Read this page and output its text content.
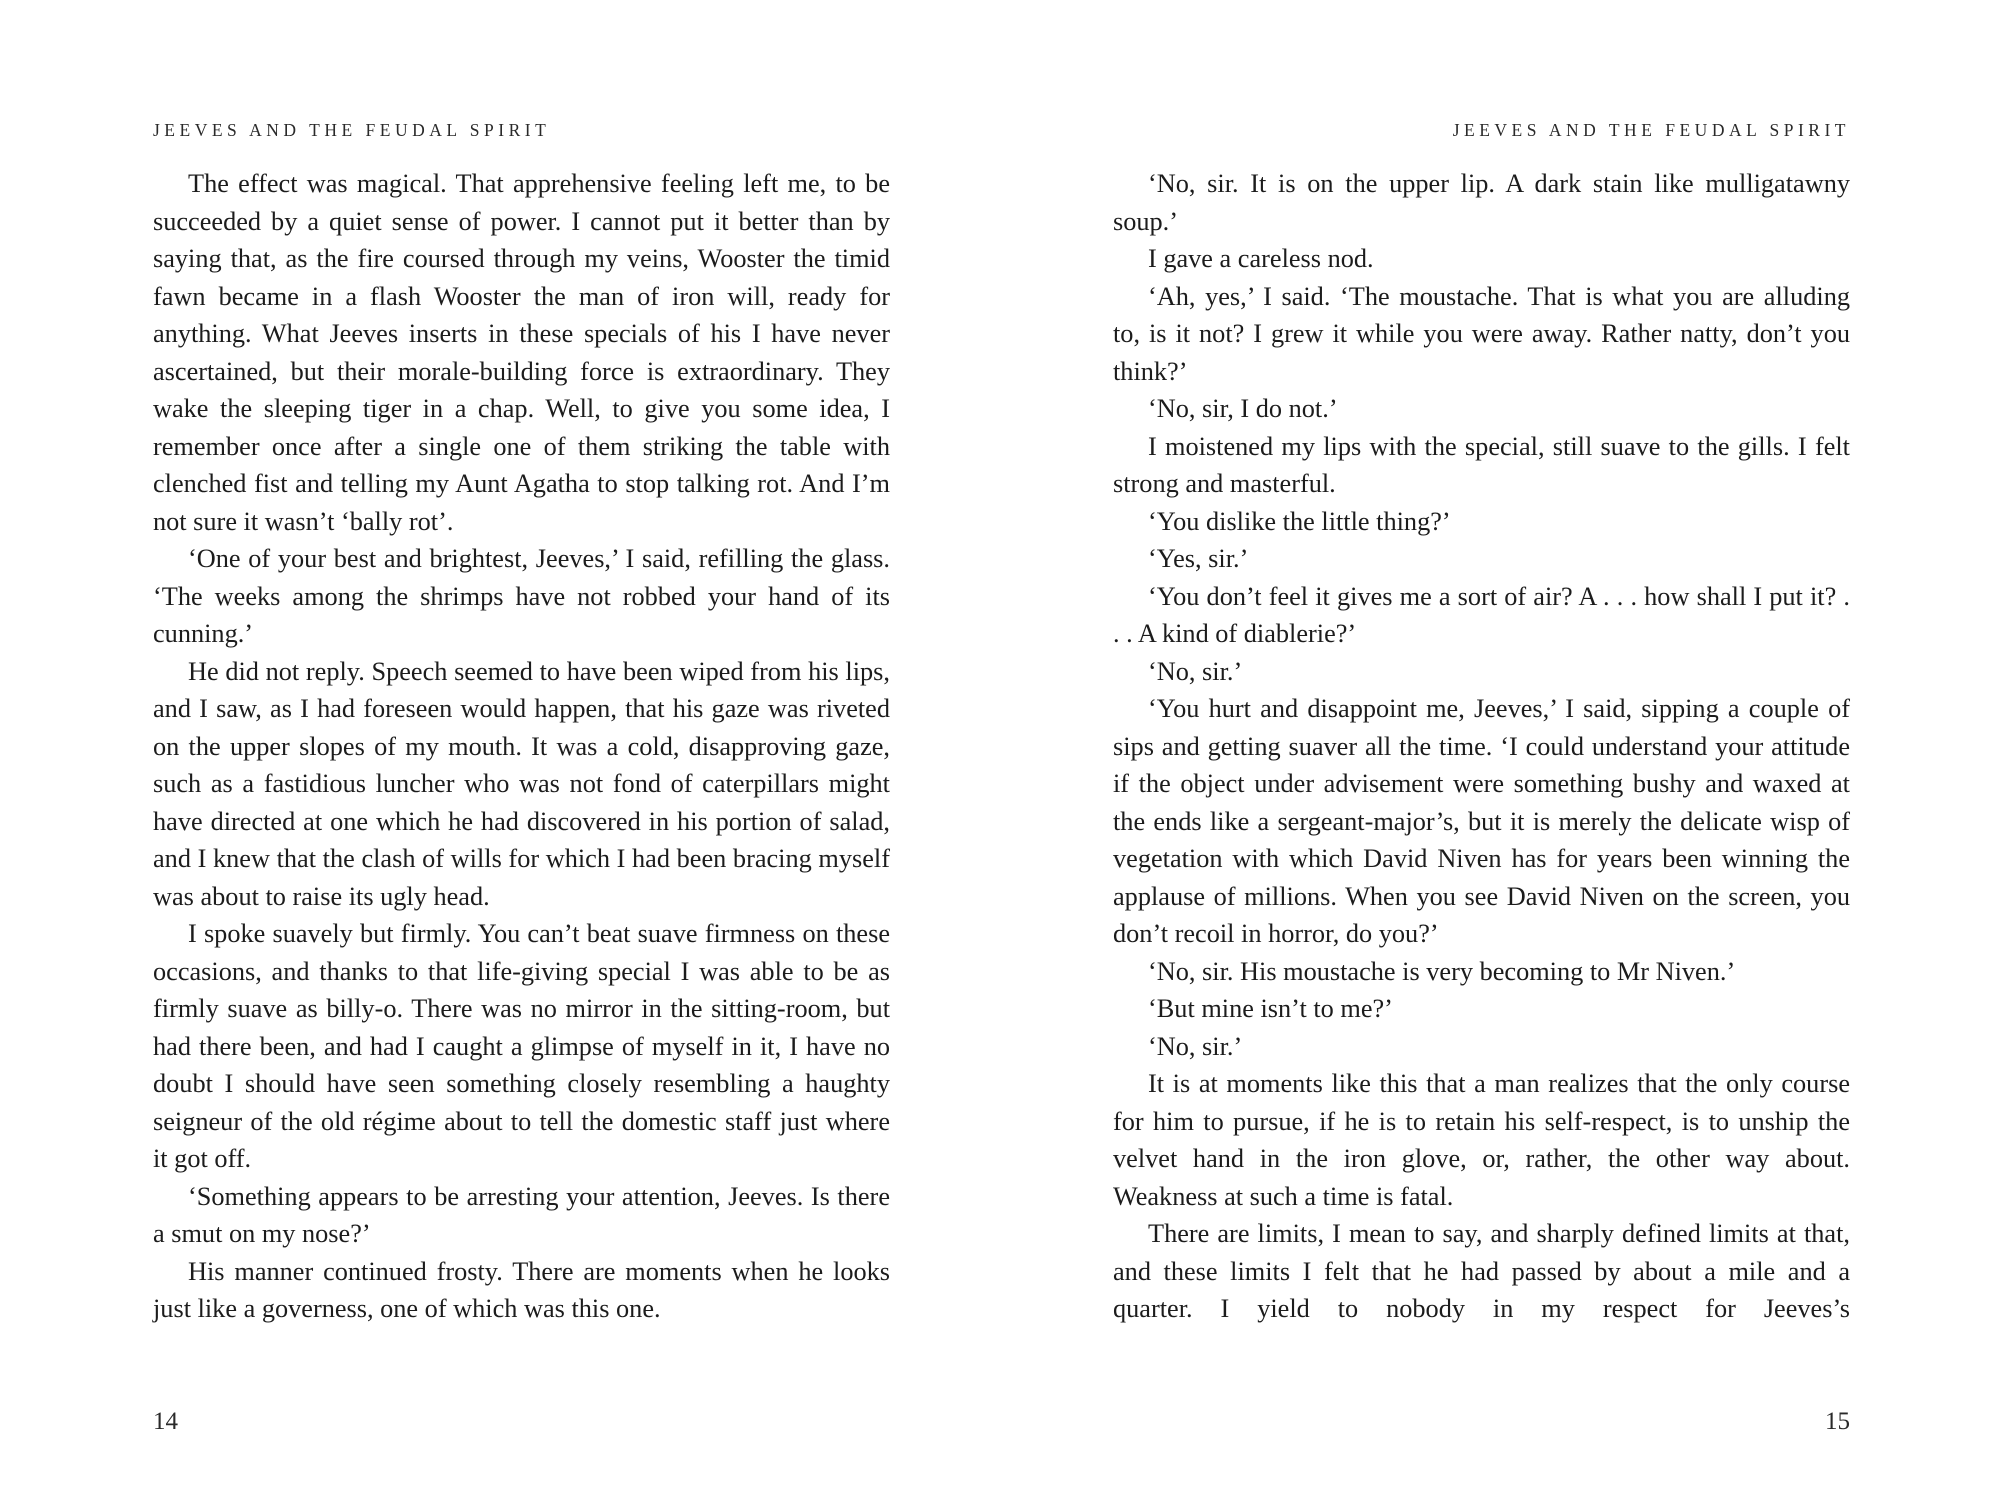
JEEVES AND THE FEUDAL SPIRIT

The effect was magical. That apprehensive feeling left me, to be succeeded by a quiet sense of power. I cannot put it better than by saying that, as the fire coursed through my veins, Wooster the timid fawn became in a flash Wooster the man of iron will, ready for anything. What Jeeves inserts in these specials of his I have never ascertained, but their morale-building force is extraordinary. They wake the sleeping tiger in a chap. Well, to give you some idea, I remember once after a single one of them striking the table with clenched fist and telling my Aunt Agatha to stop talking rot. And I’m not sure it wasn’t ‘bally rot’.

‘One of your best and brightest, Jeeves,’ I said, refilling the glass. ‘The weeks among the shrimps have not robbed your hand of its cunning.’

He did not reply. Speech seemed to have been wiped from his lips, and I saw, as I had foreseen would happen, that his gaze was riveted on the upper slopes of my mouth. It was a cold, disapproving gaze, such as a fastidious luncher who was not fond of caterpillars might have directed at one which he had discovered in his portion of salad, and I knew that the clash of wills for which I had been bracing myself was about to raise its ugly head.

I spoke suavely but firmly. You can’t beat suave firmness on these occasions, and thanks to that life-giving special I was able to be as firmly suave as billy-o. There was no mirror in the sitting-room, but had there been, and had I caught a glimpse of myself in it, I have no doubt I should have seen something closely resembling a haughty seigneur of the old régime about to tell the domestic staff just where it got off.

‘Something appears to be arresting your attention, Jeeves. Is there a smut on my nose?’

His manner continued frosty. There are moments when he looks just like a governess, one of which was this one.

14
JEEVES AND THE FEUDAL SPIRIT

‘No, sir. It is on the upper lip. A dark stain like mulligatawny soup.’

I gave a careless nod.

‘Ah, yes,’ I said. ‘The moustache. That is what you are alluding to, is it not? I grew it while you were away. Rather natty, don’t you think?’

‘No, sir, I do not.’

I moistened my lips with the special, still suave to the gills. I felt strong and masterful.

‘You dislike the little thing?’

‘Yes, sir.’

‘You don’t feel it gives me a sort of air? A . . . how shall I put it? . . . A kind of diablerie?’

‘No, sir.’

‘You hurt and disappoint me, Jeeves,’ I said, sipping a couple of sips and getting suaver all the time. ‘I could understand your attitude if the object under advisement were something bushy and waxed at the ends like a sergeant-major’s, but it is merely the delicate wisp of vegetation with which David Niven has for years been winning the applause of millions. When you see David Niven on the screen, you don’t recoil in horror, do you?’

‘No, sir. His moustache is very becoming to Mr Niven.’

‘But mine isn’t to me?’

‘No, sir.’

It is at moments like this that a man realizes that the only course for him to pursue, if he is to retain his self-respect, is to unship the velvet hand in the iron glove, or, rather, the other way about. Weakness at such a time is fatal.

There are limits, I mean to say, and sharply defined limits at that, and these limits I felt that he had passed by about a mile and a quarter. I yield to nobody in my respect for Jeeves’s

15
